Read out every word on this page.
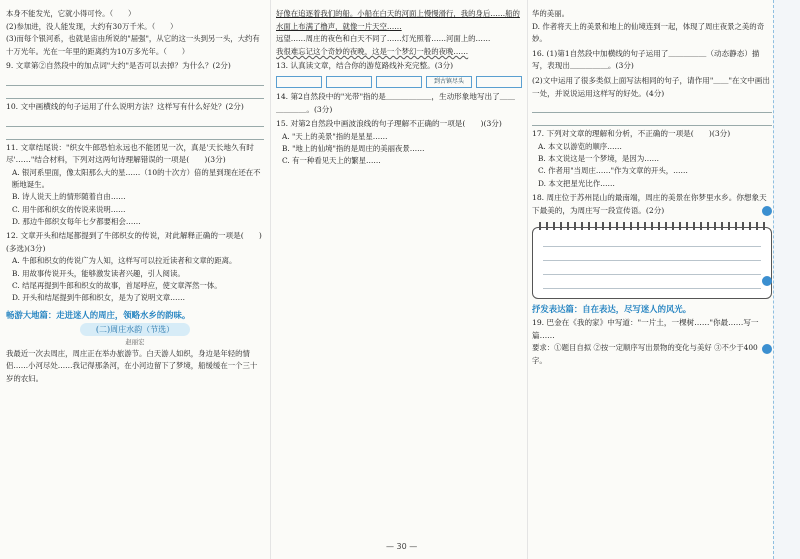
本身不能发光，它就小得可怜。（　　）

(2)参加进，没人能发现，大约有30万千米。（　　）

(3)而每个银河系，也就是宙由所说的"届强"，从它的这一头到另一头，大约有十万光年。光在一年里的距离约为10万多光年。（　　）

9. 文章第②自然段中的加点词"大约"是否可以去掉？为什么？(2分)

10. 文中画横线的句子运用了什么说明方法？这样写有什么好处？(2分)

11. 文章结尾说："织女牛郎恐怕永远也不能团见一次，真是'天长地久有时尽'……"结合材料，下列对这两句诗理解错误的一项是(　　)(3分)

A. 银河系里面，像太阳那么大的星……（10的十次方）倍的星到现在还在不断地诞生。

B. 诗人说天上的情形随着自由……

C. 用牛郎和织女的传说来说明……

D. 那边牛郎织女每年七夕都要相会……

12. 文章开头和结尾都提到了牛郎织女的传说，对此解释正确的一项是(　　)(多选)(3分)

A. 牛郎和织女的传说广为人知，这样写可以拉近读者和文章的距离。

B. 用故事传说开头，能够激发读者兴趣，引人阅读。

C. 结尾再提到牛郎和织女的故事，首尾呼应，使文章浑然一体。

D. 开头和结尾提到牛郎和织女，是为了说明文章……

畅游大地篇：走进迷人的周庄，领略水乡的韵味。

(二)周庄水韵（节选）

赵丽宏

我最近一次去周庄，周庄正在举办旅游节。白天游人如织，身边是年轻的情侣……小河尽处……我记得那条河，在小河边留下了梦境，船缓缓在一个三十岁的农妇。

好像在追逐着我们的船。小船在白天的河面上慢慢滑行，我的身后……船的水面上布满了橹声，就像一片天空……

远望……周庄的夜色和白天不同了……灯光照着……河面上的……

我很难忘记这个奇妙的夜晚，这是一个梦幻一般的夜晚……

13. 认真读文章，结合你的游览路线补充完整。(3分)

到古镇尽头

14. 第2自然段中的"光带"指的是＿＿＿＿＿＿，生动形象地写出了＿＿＿＿＿＿。(3分)

15. 对第2自然段中画波浪线的句子理解不正确的一项是(　　)(3分)

A. "天上的美景"指的是星星……

B. "地上的仙境"指的是周庄的美丽夜景……

C. 有一种看见天上的繁星……

华的美丽。

D. 作者将天上的美景和地上的仙境连到一起，体现了周庄夜景之美的奇妙。

16. (1)第1自然段中加横线的句子运用了＿＿＿＿＿（动态静态）描写，表现出＿＿＿＿＿。(3分)

(2)文中运用了很多类似上面写法相同的句子，请作用"＿＿"在文中画出一处，并说说运用这样写的好处。(4分)

17. 下列对文章的理解和分析，不正确的一项是(　　)(3分)

A. 本文以游览的顺序……

B. 本文说这是一个梦境，是因为……

C. 作者用"当周庄……"作为文章的开头，……

D. 本文把星光比作……

18. 周庄位于苏州昆山的最南端，周庄的美景在你梦里水乡。你想象天下最美的，为周庄写一段宣传语。(2分)

抒发表达篇：自在表达，尽写迷人的风光。

19. 巴金在《我的家》中写道："一片土，一棵树……"你最……写一篇……

要求：①题目自拟 ②按一定顺序写出景物的变化与美好 ③不少于400字。

— 30 —
